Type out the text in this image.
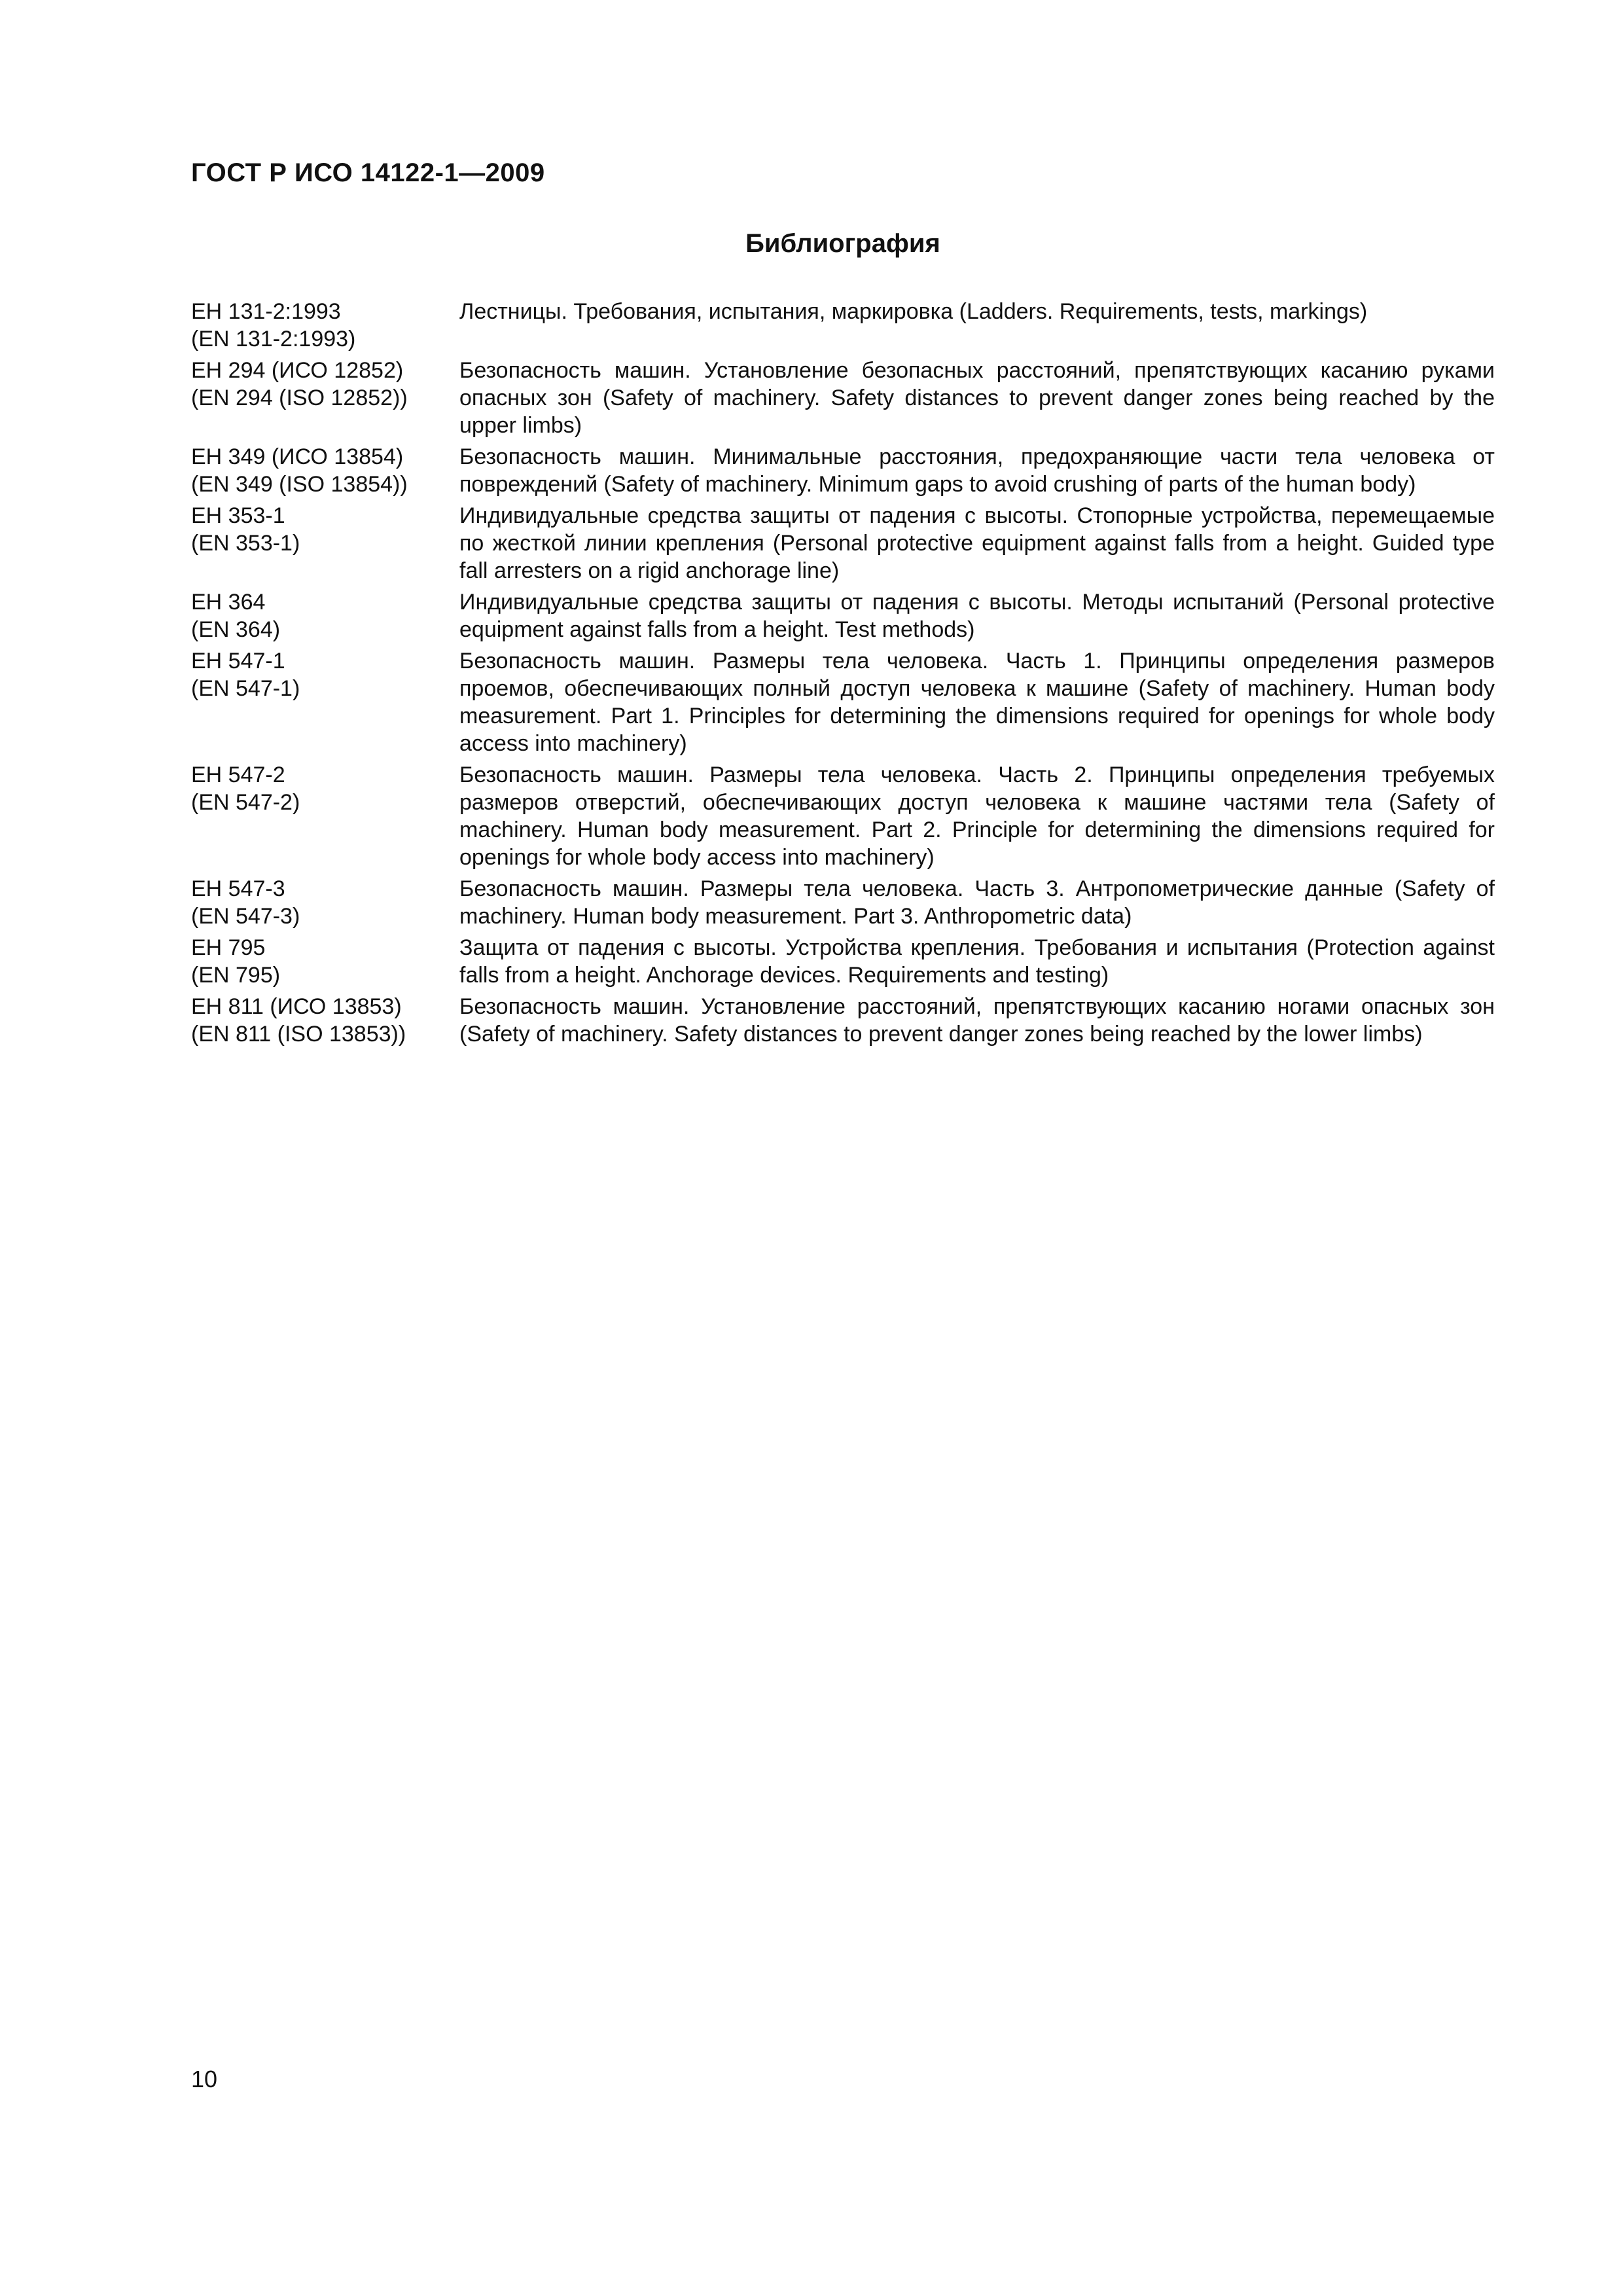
ГОСТ Р ИСО 14122-1—2009
Библиография
ЕН 131-2:1993
(EN 131-2:1993)
Лестницы. Требования, испытания, маркировка (Ladders. Requirements, tests, markings)
ЕН 294 (ИСО 12852)
(EN 294 (ISO 12852))
Безопасность машин. Установление безопасных расстояний, препятствующих касанию руками опасных зон (Safety of machinery. Safety distances to prevent danger zones being reached by the upper limbs)
ЕН 349 (ИСО 13854)
(EN 349 (ISO 13854))
Безопасность машин. Минимальные расстояния, предохраняющие части тела человека от повреждений (Safety of machinery. Minimum gaps to avoid crushing of parts of the human body)
ЕН 353-1
(EN 353-1)
Индивидуальные средства защиты от падения с высоты. Стопорные устройства, перемещаемые по жесткой линии крепления (Personal protective equipment against falls from a height. Guided type fall arresters on a rigid anchorage line)
ЕН 364
(EN 364)
Индивидуальные средства защиты от падения с высоты. Методы испытаний (Personal protective equipment against falls from a height. Test methods)
ЕН 547-1
(EN 547-1)
Безопасность машин. Размеры тела человека. Часть 1. Принципы определения размеров проемов, обеспечивающих полный доступ человека к машине (Safety of machinery. Human body measurement. Part 1. Principles for determining the dimensions required for openings for whole body access into machinery)
ЕН 547-2
(EN 547-2)
Безопасность машин. Размеры тела человека. Часть 2. Принципы определения требуемых размеров отверстий, обеспечивающих доступ человека к машине частями тела (Safety of machinery. Human body measurement. Part 2. Principle for determining the dimensions required for openings for whole body access into machinery)
ЕН 547-3
(EN 547-3)
Безопасность машин. Размеры тела человека. Часть 3. Антропометрические данные (Safety of machinery. Human body measurement. Part 3. Anthropometric data)
ЕН 795
(EN 795)
Защита от падения с высоты. Устройства крепления. Требования и испытания (Protection against falls from a height. Anchorage devices. Requirements and testing)
ЕН 811 (ИСО 13853)
(EN 811 (ISO 13853))
Безопасность машин. Установление расстояний, препятствующих касанию ногами опасных зон (Safety of machinery. Safety distances to prevent danger zones being reached by the lower limbs)

10
